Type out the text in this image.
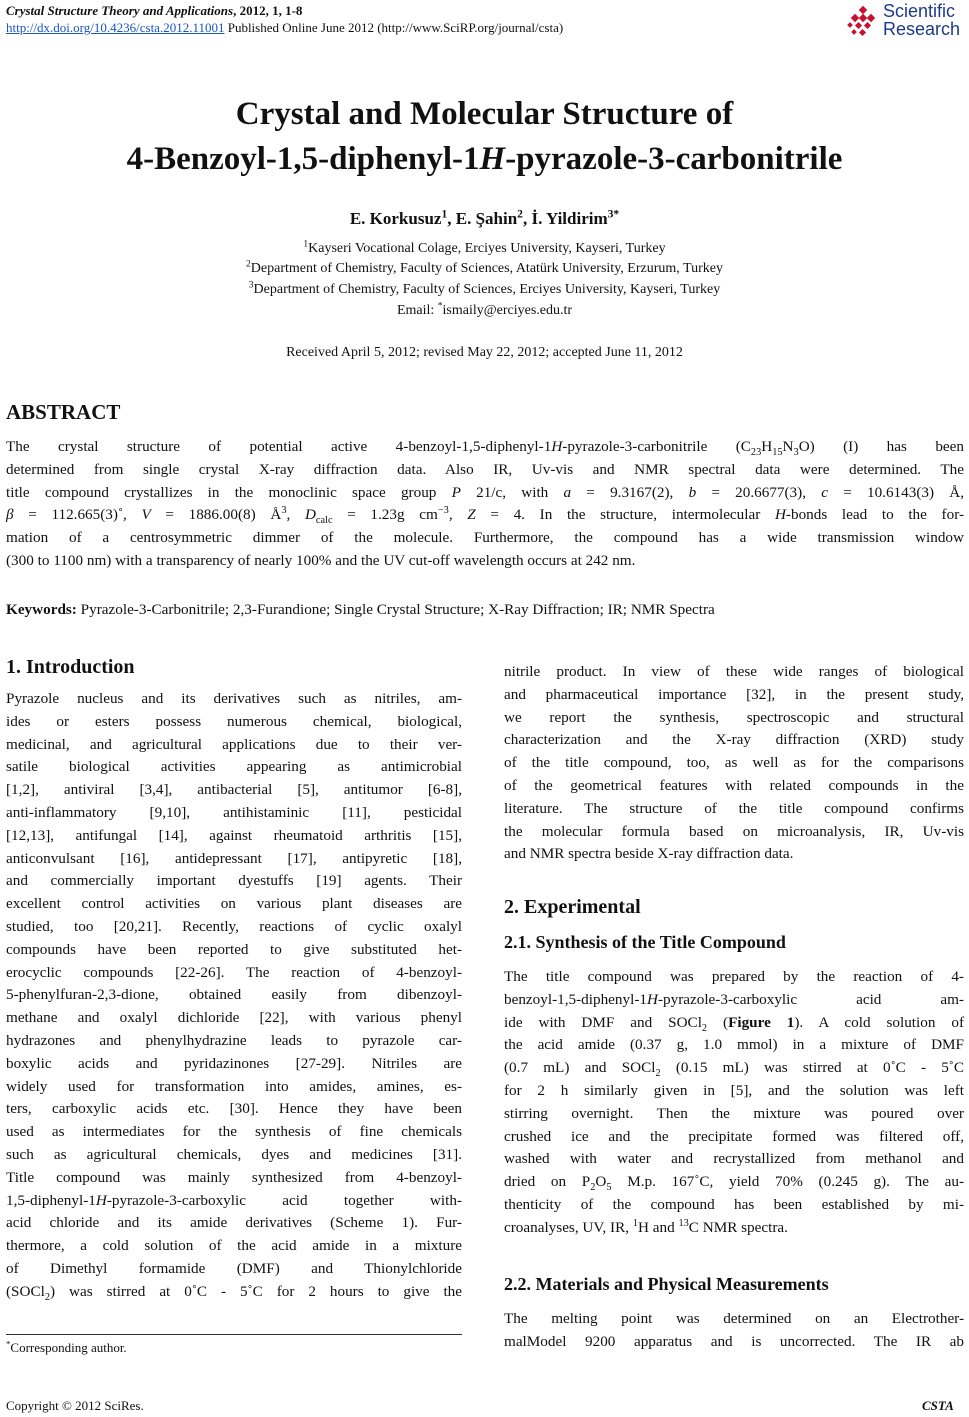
Crystal Structure Theory and Applications, 2012, 1, 1-8
http://dx.doi.org/10.4236/csta.2012.11001 Published Online June 2012 (http://www.SciRP.org/journal/csta)
Scientific
Research
Crystal and Molecular Structure of
4-Benzoyl-1,5-diphenyl-1H-pyrazole-3-carbonitrile
E. Korkusuz$^1$, E. Şahin$^2$, İ. Yildirim$^{3*}$
$^1$Kayseri Vocational Colage, Erciyes University, Kayseri, Turkey
$^2$Department of Chemistry, Faculty of Sciences, Atatürk University, Erzurum, Turkey
$^3$Department of Chemistry, Faculty of Sciences, Erciyes University, Kayseri, Turkey
Email: *ismaily@erciyes.edu.tr
Received April 5, 2012; revised May 22, 2012; accepted June 11, 2012
ABSTRACT
The crystal structure of potential active 4-benzoyl-1,5-diphenyl-1H-pyrazole-3-carbonitrile $(C_{23}H_{15}N_3O)$ (I) has been
determined from single crystal X-ray diffraction data. Also IR, Uv-vis and NMR spectral data were determined. The
title compound crystallizes in the monoclinic space group P 21/c, with a = 9.3167(2), b = 20.6677(3), c = 10.6143(3) Å,
β = 112.665(3)˚, V = 1886.00(8) $Å^3$, $D_{calc} = 1.23g$ $cm^{-3}$, Z = 4. In the structure, intermolecular H-bonds lead to the for-
mation of a centrosymmetric dimmer of the molecule. Furthermore, the compound has a wide transmission window
(300 to 1100 nm) with a transparency of nearly 100% and the UV cut-off wavelength occurs at 242 nm.
Keywords: Pyrazole-3-Carbonitrile; 2,3-Furandione; Single Crystal Structure; X-Ray Diffraction; IR; NMR Spectra
1. Introduction
Pyrazole nucleus and its derivatives such as nitriles, am-
ides or esters possess numerous chemical, biological,
medicinal, and agricultural applications due to their ver-
satile biological activities appearing as antimicrobial
[1,2], antiviral [3,4], antibacterial [5], antitumor [6-8],
anti-inflammatory [9,10], antihistaminic [11], pesticidal
[12,13], antifungal [14], against rheumatoid arthritis [15],
anticonvulsant [16], antidepressant [17], antipyretic [18],
and commercially important dyestuffs [19] agents. Their
excellent control activities on various plant diseases are
studied, too [20,21]. Recently, reactions of cyclic oxalyl
compounds have been reported to give substituted het-
erocyclic compounds [22-26]. The reaction of 4-benzoyl-
5-phenylfuran-2,3-dione, obtained easily from dibenzoyl-
methane and oxalyl dichloride [22], with various phenyl
hydrazones and phenylhydrazine leads to pyrazole car-
boxylic acids and pyridazinones [27-29]. Nitriles are
widely used for transformation into amides, amines, es-
ters, carboxylic acids etc. [30]. Hence they have been
used as intermediates for the synthesis of fine chemicals
such as agricultural chemicals, dyes and medicines [31].
Title compound was mainly synthesized from 4-benzoyl-
1,5-diphenyl-1H-pyrazole-3-carboxylic acid together with-
acid chloride and its amide derivatives (Scheme 1). Fur-
thermore, a cold solution of the acid amide in a mixture
of Dimethyl formamide (DMF) and Thionylchloride
(SOCl$_2$) was stirred at 0˚C - 5˚C for 2 hours to give the
nitrile product. In view of these wide ranges of biological
and pharmaceutical importance [32], in the present study,
we report the synthesis, spectroscopic and structural
characterization and the X-ray diffraction (XRD) study
of the title compound, too, as well as for the comparisons
of the geometrical features with related compounds in the
literature. The structure of the title compound confirms
the molecular formula based on microanalysis, IR, Uv-vis
and NMR spectra beside X-ray diffraction data.
2. Experimental
2.1. Synthesis of the Title Compound
The title compound was prepared by the reaction of 4-
benzoyl-1,5-diphenyl-1H-pyrazole-3-carboxylic acid am-
ide with DMF and SOCl$_2$ (Figure 1). A cold solution of
the acid amide (0.37 g, 1.0 mmol) in a mixture of DMF
(0.7 mL) and SOCl$_2$ (0.15 mL) was stirred at 0˚C - 5˚C
for 2 h similarly given in [5], and the solution was left
stirring overnight. Then the mixture was poured over
crushed ice and the precipitate formed was filtered off,
washed with water and recrystallized from methanol and
dried on $P_2O_5$ M.p. 167˚C, yield 70% (0.245 g). The au-
thenticity of the compound has been established by mi-
croanalyses, UV, IR, $^1$H and $^{13}$C NMR spectra.
2.2. Materials and Physical Measurements
The melting point was determined on an Electrother-
malModel 9200 apparatus and is uncorrected. The IR ab
*Corresponding author.
Copyright © 2012 SciRes.	CSTA
